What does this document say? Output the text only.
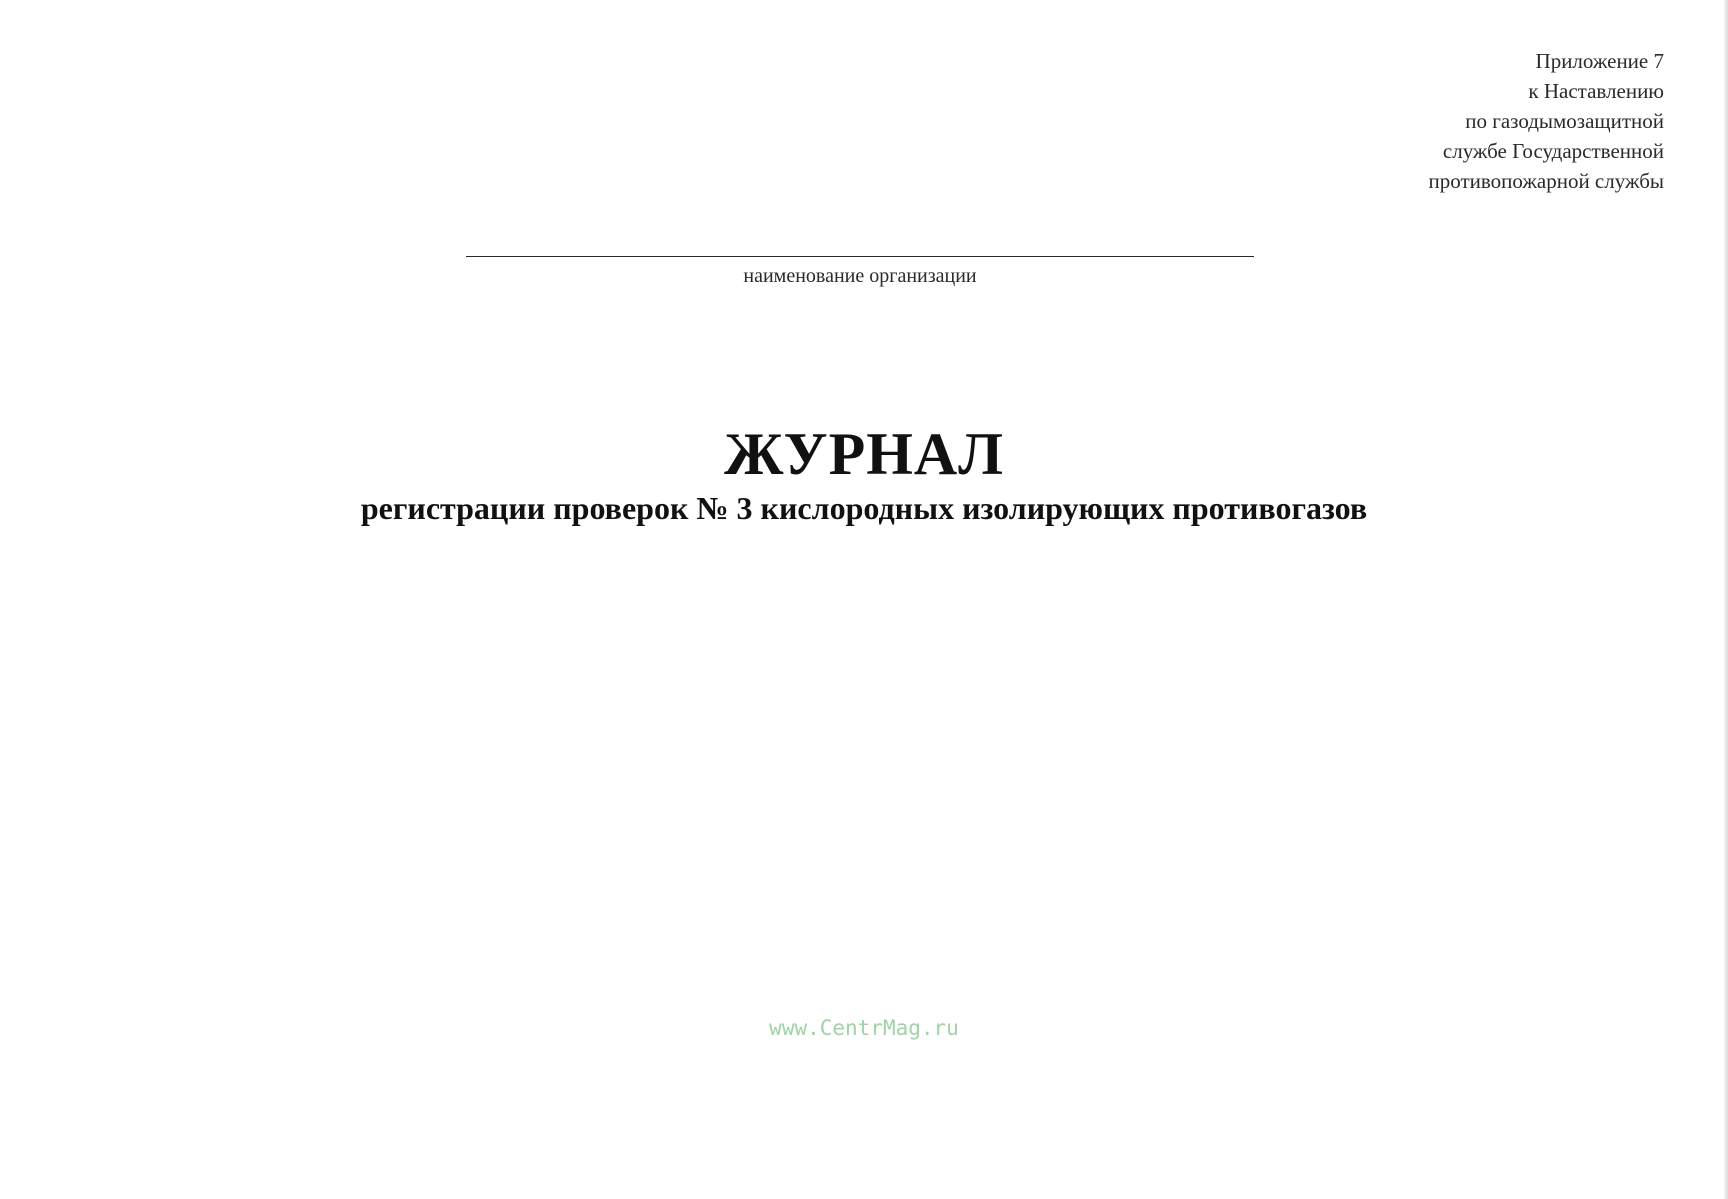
Приложение 7
к Наставлению
по газодымозащитной
службе Государственной
противопожарной службы
наименование организации
ЖУРНАЛ
регистрации проверок № 3 кислородных изолирующих противогазов
www.CentrMag.ru
